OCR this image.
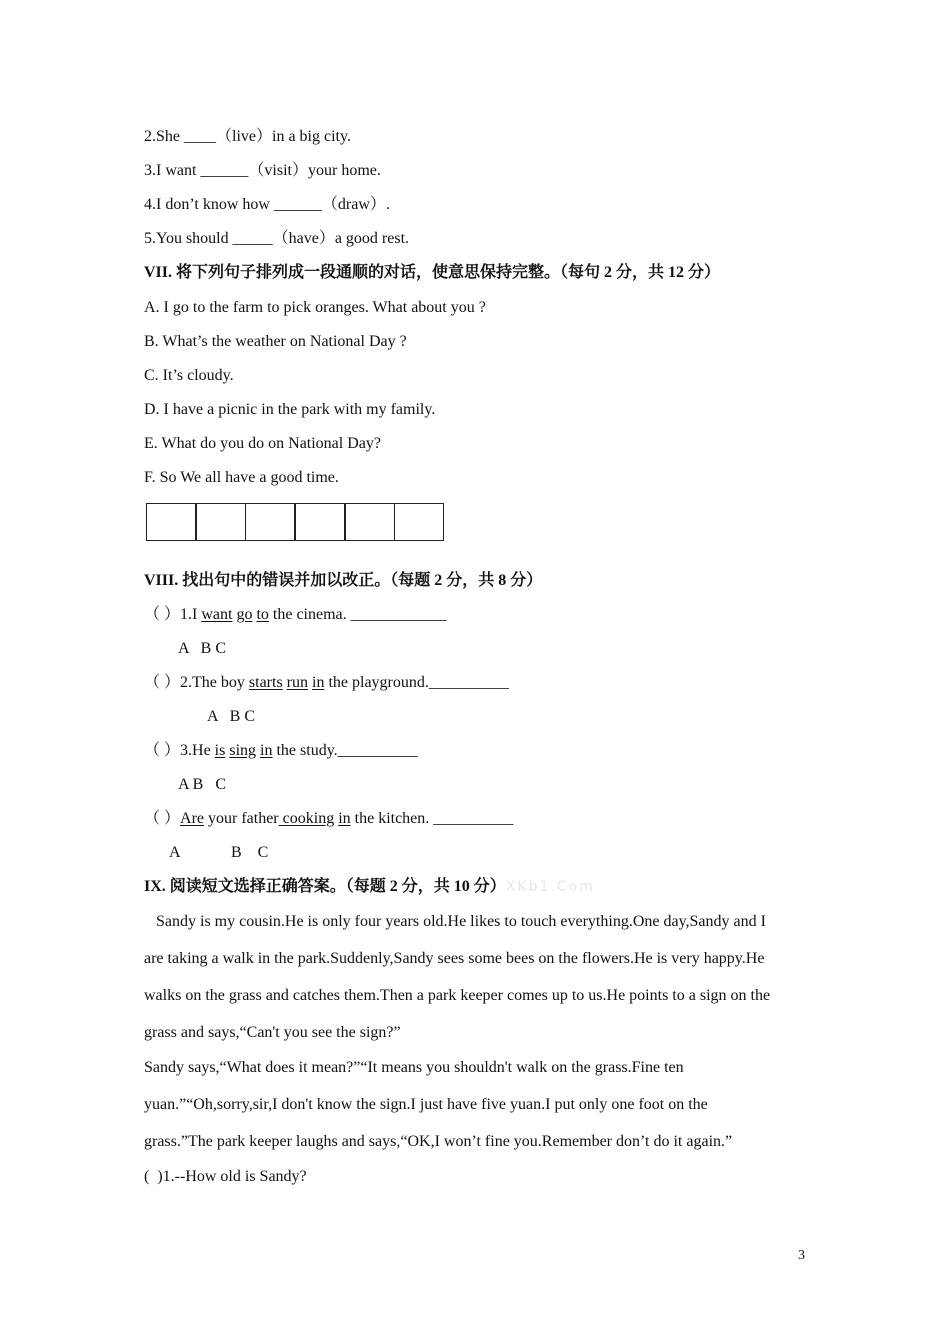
2.She ____（live）in a big city.
3.I want ______（visit）your home.
4.I don’t know how ______（draw）.
5.You should _____（have）a good rest.
VII. 将下列句子排列成一段通顺的对话，使意思保持完整。（每句 2 分，共 12 分）
A. I go to the farm to pick oranges. What about you ?
B. What’s the weather on National Day ?
C. It’s cloudy.
D. I have a picnic in the park with my family.
E. What do you do on National Day?
F. So We all have a good time.
VIII. 找出句中的错误并加以改正。（每题 2 分，共 8 分）
（ ）1.I want go to the cinema. ____________
A   B C
（ ）2.The boy starts run in the playground.__________
A   B C
（ ）3.He is sing in the study.__________
A B   C
（ ）Are your father cooking in the kitchen. __________
A	B    C
IX. 阅读短文选择正确答案。（每题 2 分，共 10 分）XKb1.Com
Sandy is my cousin.He is only four years old.He likes to touch everything.One day,Sandy and I
are taking a walk in the park.Suddenly,Sandy sees some bees on the flowers.He is very happy.He
walks on the grass and catches them.Then a park keeper comes up to us.He points to a sign on the
grass and says,“Can't you see the sign?”
Sandy says,“What does it mean?”“It means you shouldn't walk on the grass.Fine ten
yuan.”“Oh,sorry,sir,I don't know the sign.I just have five yuan.I put only one foot on the
grass.”The park keeper laughs and says,“OK,I won’t fine you.Remember don’t do it again.”
(  )1.--How old is Sandy?
3
